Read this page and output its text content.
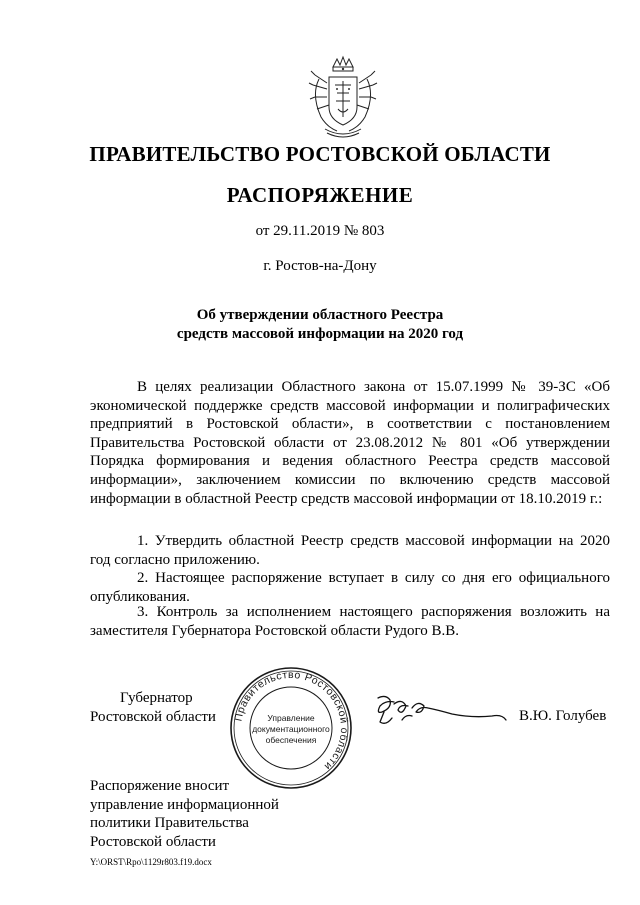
ПРАВИТЕЛЬСТВО РОСТОВСКОЙ ОБЛАСТИ
РАСПОРЯЖЕНИЕ
от 29.11.2019 № 803
г. Ростов-на-Дону
Об утверждении областного Реестра
средств массовой информации на 2020 год

В целях реализации Областного закона от 15.07.1999 № 39-ЗС «Об экономической поддержке средств массовой информации и полиграфических предприятий в Ростовской области», в соответствии с постановлением Правительства Ростовской области от 23.08.2012 № 801 «Об утверждении Порядка формирования и ведения областного Реестра средств массовой информации», заключением комиссии по включению средств массовой информации в областной Реестр средств массовой информации от 18.10.2019 г.:

1. Утвердить областной Реестр средств массовой информации на 2020 год согласно приложению.

2. Настоящее распоряжение вступает в силу со дня его официального опубликования.

3. Контроль за исполнением настоящего распоряжения возложить на заместителя Губернатора Ростовской области Рудого В.В.

Губернатор
Ростовской области Правительство Ростовской области
Управление
документационного
обеспечения
В.Ю. Голубев
Распоряжение вносит
управление информационной
политики Правительства
Ростовской области
Y:\ORST\Rpo\1129r803.f19.docx
